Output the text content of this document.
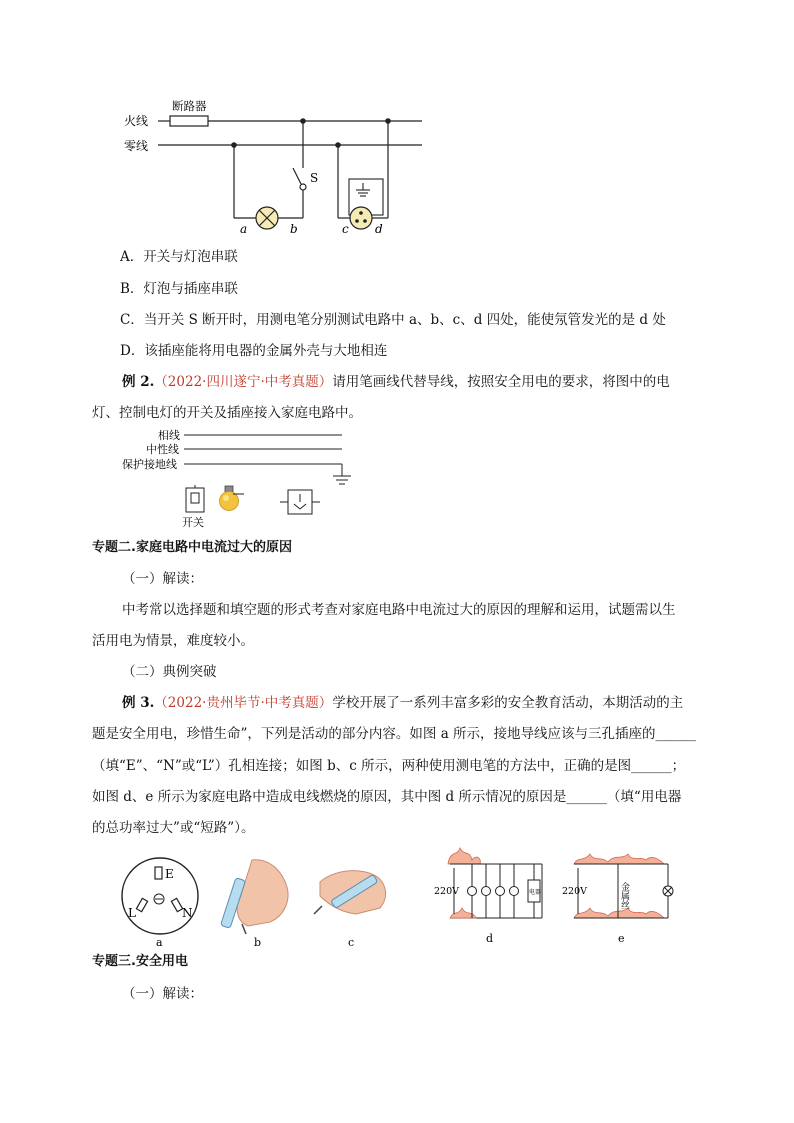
火线
零线
断路器
S
a	b	c d
A．开关与灯泡串联
B．灯泡与插座串联
C．当开关 S 断开时，用测电笔分别测试电路中 a、b、c、d 四处，能使氖管发光的是 d 处
D．该插座能将用电器的金属外壳与大地相连
例 2.（2022·四川遂宁·中考真题）请用笔画线代替导线，按照安全用电的要求，将图中的电
灯、控制电灯的开关及插座接入家庭电路中。
相线
中性线
保护接地线
开关
专题二.家庭电路中电流过大的原因
（一）解读：
中考常以选择题和填空题的形式考查对家庭电路中电流过大的原因的理解和运用，试题需以生
活用电为情景，难度较小。
（二）典例突破
例 3.（2022·贵州毕节·中考真题）学校开展了一系列丰富多彩的安全教育活动，本期活动的主
题是安全用电，珍惜生命”，下列是活动的部分内容。如图 a 所示，接地导线应该与三孔插座的______
（填“E”、“N”或“L”）孔相连接；如图 b、c 所示，两种使用测电笔的方法中，正确的是图______；
如图 d、e 所示为家庭电路中造成电线燃烧的原因，其中图 d 所示情况的原因是______（填“用电器
的总功率过大”或“短路”）。
E
L	N
a	b	c
220V	电器
d
220V	金属丝
e
专题三.安全用电
（一）解读：
